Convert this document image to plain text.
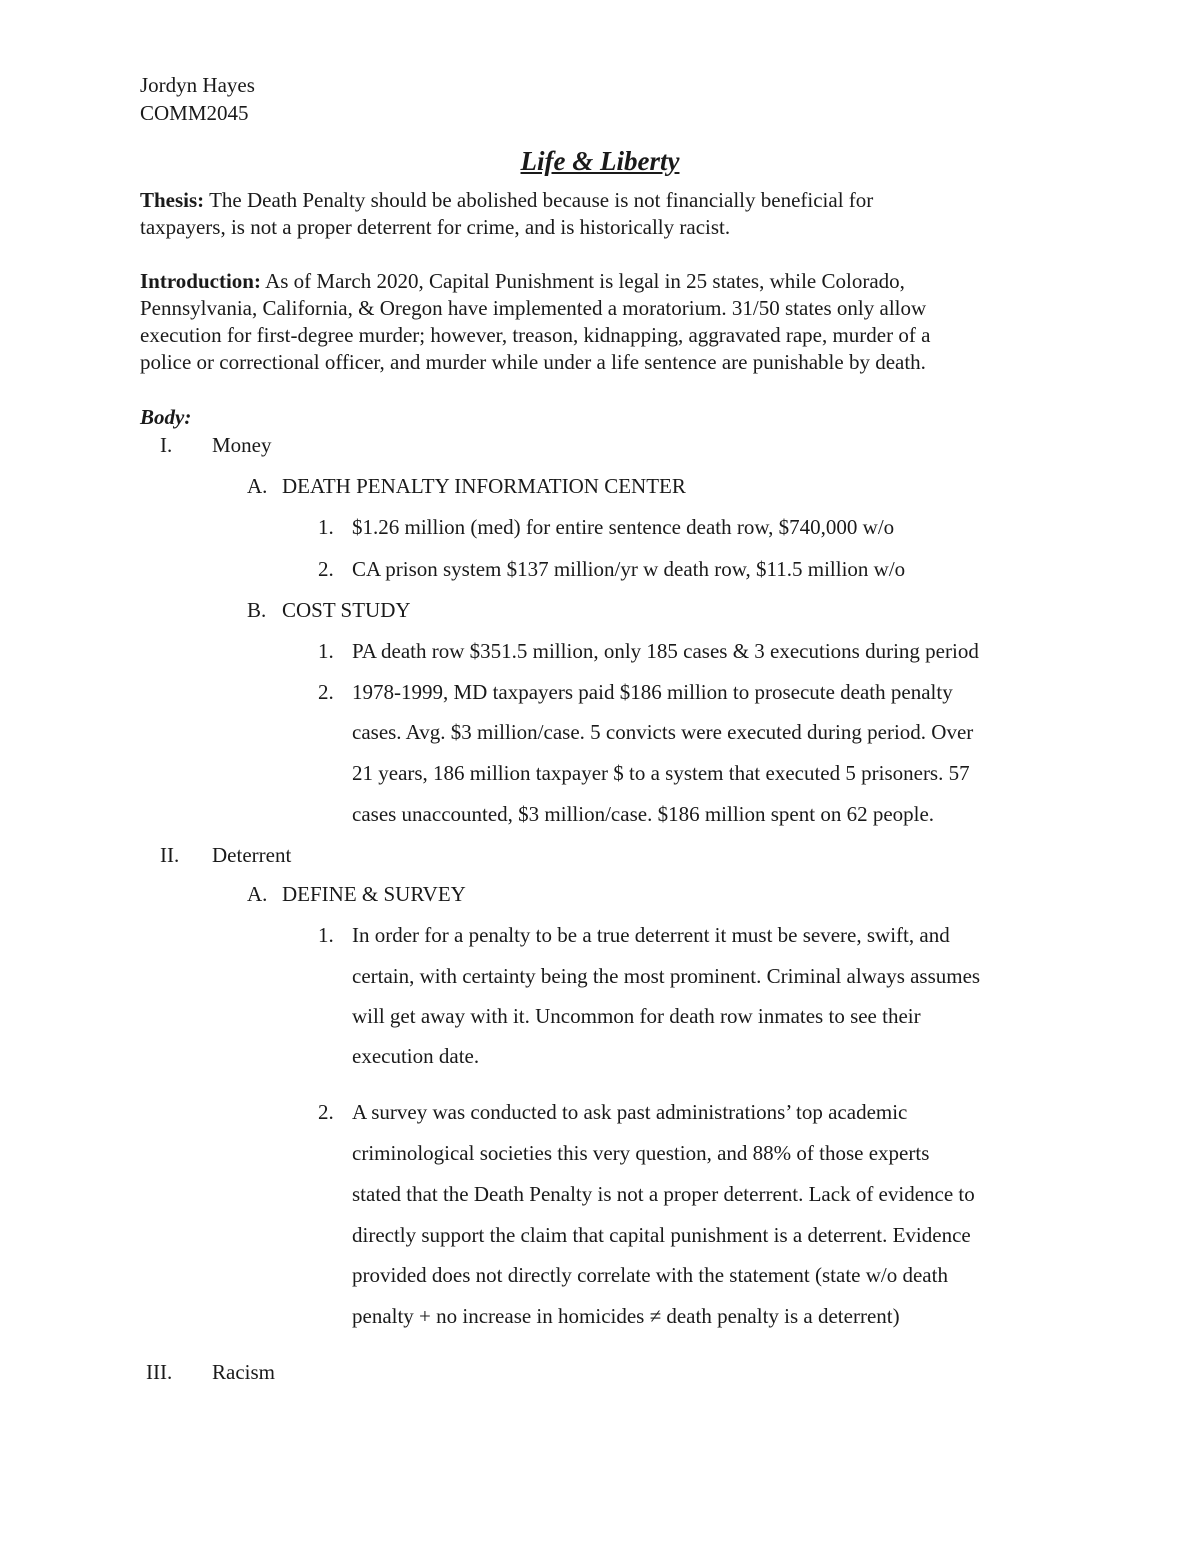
Jordyn Hayes
COMM2045
Life & Liberty
Thesis: The Death Penalty should be abolished because is not financially beneficial for
taxpayers, is not a proper deterrent for crime, and is historically racist.
Introduction: As of March 2020, Capital Punishment is legal in 25 states, while Colorado,
Pennsylvania, California, & Oregon have implemented a moratorium. 31/50 states only allow
execution for first-degree murder; however, treason, kidnapping, aggravated rape, murder of a
police or correctional officer, and murder while under a life sentence are punishable by death.
Body:
I. Money
A. DEATH PENALTY INFORMATION CENTER
1. $1.26 million (med) for entire sentence death row, $740,000 w/o
2. CA prison system $137 million/yr w death row, $11.5 million w/o
B. COST STUDY
1. PA death row $351.5 million, only 185 cases & 3 executions during period
2. 1978-1999, MD taxpayers paid $186 million to prosecute death penalty
cases. Avg. $3 million/case. 5 convicts were executed during period. Over
21 years, 186 million taxpayer $ to a system that executed 5 prisoners. 57
cases unaccounted, $3 million/case. $186 million spent on 62 people.
II. Deterrent
A. DEFINE & SURVEY
1. In order for a penalty to be a true deterrent it must be severe, swift, and
certain, with certainty being the most prominent. Criminal always assumes
will get away with it. Uncommon for death row inmates to see their
execution date.
2. A survey was conducted to ask past administrations’ top academic
criminological societies this very question, and 88% of those experts
stated that the Death Penalty is not a proper deterrent. Lack of evidence to
directly support the claim that capital punishment is a deterrent. Evidence
provided does not directly correlate with the statement (state w/o death
penalty + no increase in homicides ≠ death penalty is a deterrent)
III. Racism
